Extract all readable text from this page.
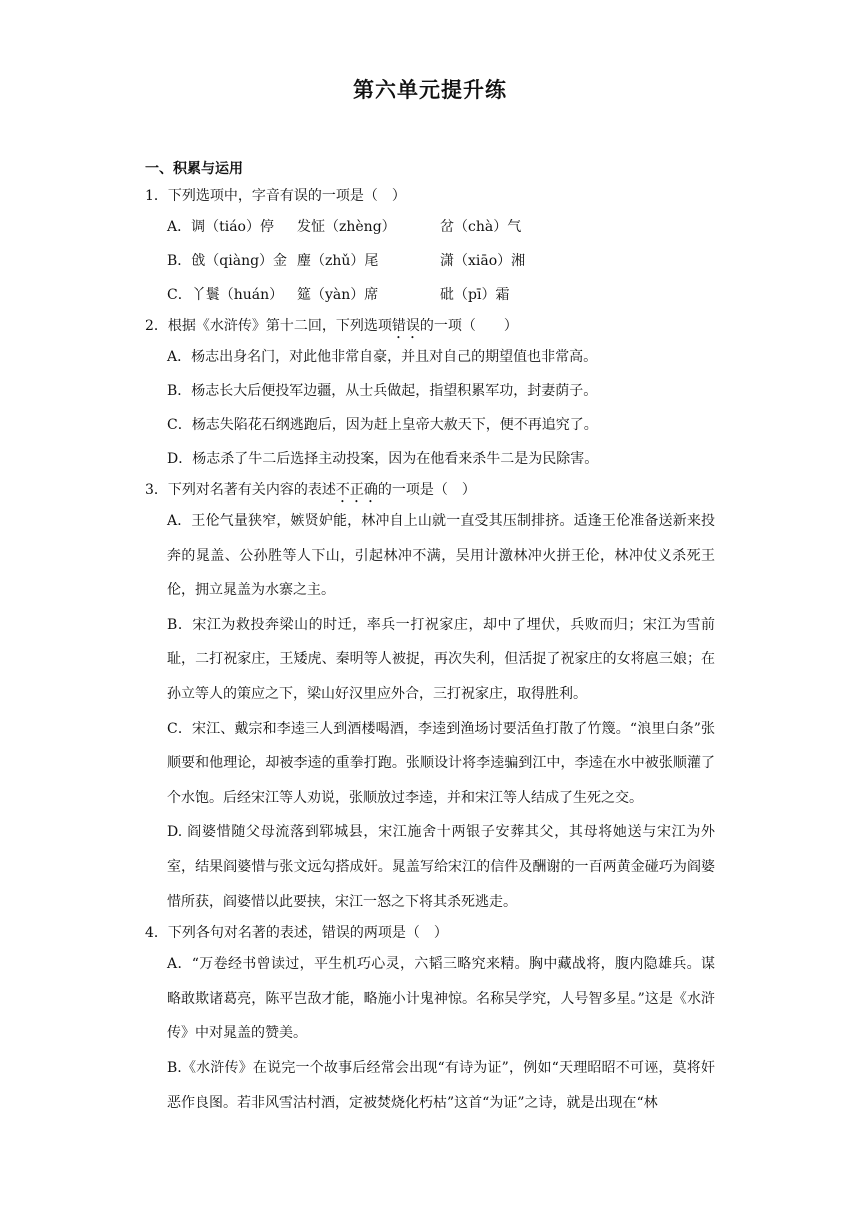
第六单元提升练
一、积累与运用

1．下列选项中，字音有误的一项是（　）

A．调（tiáo）停	发怔（zhèng）	岔（chà）气
B．戗（qiàng）金 麈（zhǔ）尾	潇（xiāo）湘
C．丫鬟（huán） 筵（yàn）席	砒（pī）霜

2．根据《水浒传》第十二回，下列选项错误的一项（　　）

A．杨志出身名门，对此他非常自豪，并且对自己的期望值也非常高。

B．杨志长大后便投军边疆，从士兵做起，指望积累军功，封妻荫子。

C．杨志失陷花石纲逃跑后，因为赶上皇帝大赦天下，便不再追究了。

D．杨志杀了牛二后选择主动投案，因为在他看来杀牛二是为民除害。

3．下列对名著有关内容的表述不正确的一项是（　）

A．王伦气量狭窄，嫉贤妒能，林冲自上山就一直受其压制排挤。适逢王伦准备送新来投奔的晁盖、公孙胜等人下山，引起林冲不满，吴用计激林冲火拼王伦，林冲仗义杀死王伦，拥立晁盖为水寨之主。

B．宋江为救投奔梁山的时迁，率兵一打祝家庄，却中了埋伏，兵败而归；宋江为雪前耻，二打祝家庄，王矮虎、秦明等人被捉，再次失利，但活捉了祝家庄的女将扈三娘；在孙立等人的策应之下，梁山好汉里应外合，三打祝家庄，取得胜利。

C．宋江、戴宗和李逵三人到酒楼喝酒，李逵到渔场讨要活鱼打散了竹篾。“浪里白条”张顺要和他理论，却被李逵的重拳打跑。张顺设计将李逵骗到江中，李逵在水中被张顺灌了个水饱。后经宋江等人劝说，张顺放过李逵，并和宋江等人结成了生死之交。

D. 阎婆惜随父母流落到郓城县，宋江施舍十两银子安葬其父，其母将她送与宋江为外室，结果阎婆惜与张文远勾搭成奸。晁盖写给宋江的信件及酬谢的一百两黄金碰巧为阎婆惜所获，阎婆惜以此要挟，宋江一怒之下将其杀死逃走。

4．下列各句对名著的表述，错误的两项是（　）

A．“万卷经书曾读过，平生机巧心灵，六韬三略究来精。胸中藏战将，腹内隐雄兵。谋略敢欺诸葛亮，陈平岂敌才能，略施小计鬼神惊。名称吴学究，人号智多星。”这是《水浒传》中对晁盖的赞美。

B.《水浒传》在说完一个故事后经常会出现“有诗为证”，例如“天理昭昭不可诬，莫将奸恶作良图。若非风雪沽村酒，定被焚烧化朽枯”这首“为证”之诗，就是出现在“林
